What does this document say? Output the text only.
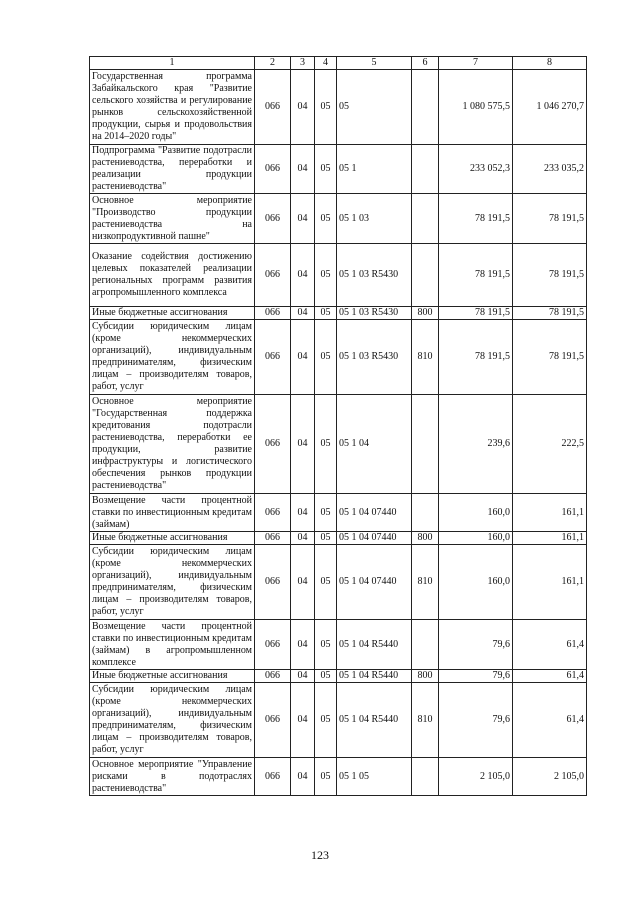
1	2	3	4	5	6	7	8
Государственная программа Забайкальского края "Развитие сельского хозяйства и регулирование рынков сельскохозяйственной продукции, сырья и продовольствия на 2014–2020 годы"	066	04	05	05		1 080 575,5	1 046 270,7
Подпрограмма "Развитие подотрасли растениеводства, переработки и реализации продукции растениеводства"	066	04	05	05 1		233 052,3	233 035,2
Основное мероприятие "Производство продукции растениеводства на низкопродуктивной пашне"	066	04	05	05 1 03		78 191,5	78 191,5
Оказание содействия достижению целевых показателей реализации региональных программ развития агропромышленного комплекса	066	04	05	05 1 03 R5430		78 191,5	78 191,5
Иные бюджетные ассигнования	066	04	05	05 1 03 R5430	800	78 191,5	78 191,5
Субсидии юридическим лицам (кроме некоммерческих организаций), индивидуальным предпринимателям, физическим лицам – производителям товаров, работ, услуг	066	04	05	05 1 03 R5430	810	78 191,5	78 191,5
Основное мероприятие "Государственная поддержка кредитования подотрасли растениеводства, переработки ее продукции, развитие инфраструктуры и логистического обеспечения рынков продукции растениеводства"	066	04	05	05 1 04		239,6	222,5
Возмещение части процентной ставки по инвестиционным кредитам (займам)	066	04	05	05 1 04 07440		160,0	161,1
Иные бюджетные ассигнования	066	04	05	05 1 04 07440	800	160,0	161,1
Субсидии юридическим лицам (кроме некоммерческих организаций), индивидуальным предпринимателям, физическим лицам – производителям товаров, работ, услуг	066	04	05	05 1 04 07440	810	160,0	161,1
Возмещение части процентной ставки по инвестиционным кредитам (займам) в агропромышленном комплексе	066	04	05	05 1 04 R5440		79,6	61,4
Иные бюджетные ассигнования	066	04	05	05 1 04 R5440	800	79,6	61,4
Субсидии юридическим лицам (кроме некоммерческих организаций), индивидуальным предпринимателям, физическим лицам – производителям товаров, работ, услуг	066	04	05	05 1 04 R5440	810	79,6	61,4
Основное мероприятие "Управление рисками в подотраслях растениеводства"	066	04	05	05 1 05		2 105,0	2 105,0
123
